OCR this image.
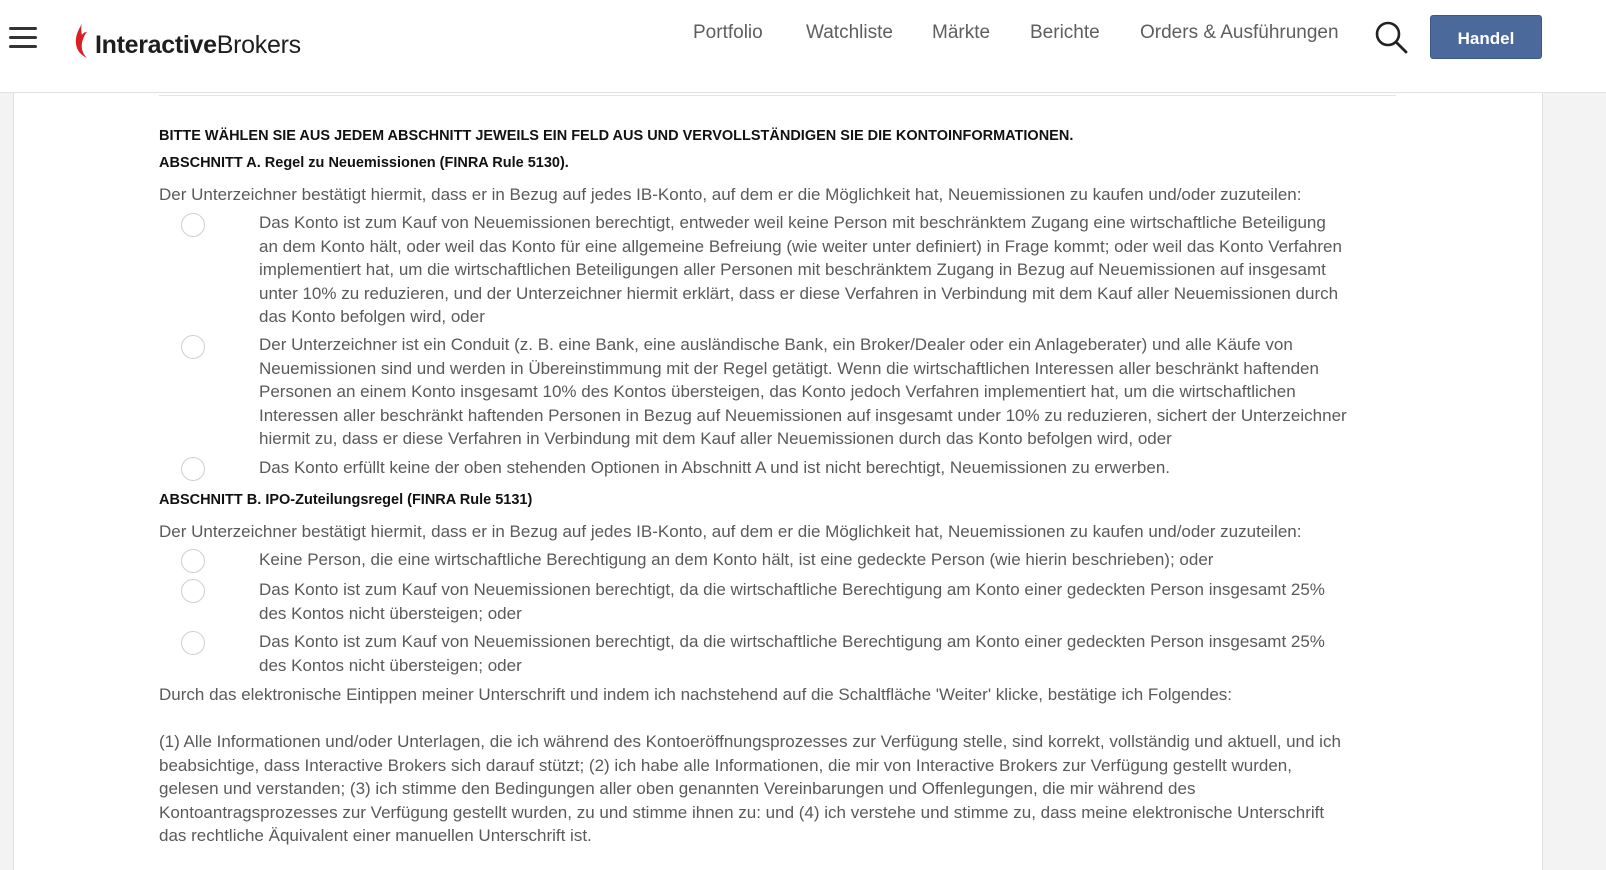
InteractiveBrokers	Portfolio Watchliste Märkte Berichte Orders & Ausführungen	Handel
BITTE WÄHLEN SIE AUS JEDEM ABSCHNITT JEWEILS EIN FELD AUS UND VERVOLLSTÄNDIGEN SIE DIE KONTOINFORMATIONEN.
ABSCHNITT A. Regel zu Neuemissionen (FINRA Rule 5130).
Der Unterzeichner bestätigt hiermit, dass er in Bezug auf jedes IB-Konto, auf dem er die Möglichkeit hat, Neuemissionen zu kaufen und/oder zuzuteilen:
Das Konto ist zum Kauf von Neuemissionen berechtigt, entweder weil keine Person mit beschränktem Zugang eine wirtschaftliche Beteiligung
an dem Konto hält, oder weil das Konto für eine allgemeine Befreiung (wie weiter unter definiert) in Frage kommt; oder weil das Konto Verfahren
implementiert hat, um die wirtschaftlichen Beteiligungen aller Personen mit beschränktem Zugang in Bezug auf Neuemissionen auf insgesamt
unter 10% zu reduzieren, und der Unterzeichner hiermit erklärt, dass er diese Verfahren in Verbindung mit dem Kauf aller Neuemissionen durch
das Konto befolgen wird, oder
Der Unterzeichner ist ein Conduit (z. B. eine Bank, eine ausländische Bank, ein Broker/Dealer oder ein Anlageberater) und alle Käufe von
Neuemissionen sind und werden in Übereinstimmung mit der Regel getätigt. Wenn die wirtschaftlichen Interessen aller beschränkt haftenden
Personen an einem Konto insgesamt 10% des Kontos übersteigen, das Konto jedoch Verfahren implementiert hat, um die wirtschaftlichen
Interessen aller beschränkt haftenden Personen in Bezug auf Neuemissionen auf insgesamt under 10% zu reduzieren, sichert der Unterzeichner
hiermit zu, dass er diese Verfahren in Verbindung mit dem Kauf aller Neuemissionen durch das Konto befolgen wird, oder
Das Konto erfüllt keine der oben stehenden Optionen in Abschnitt A und ist nicht berechtigt, Neuemissionen zu erwerben.
ABSCHNITT B. IPO-Zuteilungsregel (FINRA Rule 5131)
Der Unterzeichner bestätigt hiermit, dass er in Bezug auf jedes IB-Konto, auf dem er die Möglichkeit hat, Neuemissionen zu kaufen und/oder zuzuteilen:
Keine Person, die eine wirtschaftliche Berechtigung an dem Konto hält, ist eine gedeckte Person (wie hierin beschrieben); oder
Das Konto ist zum Kauf von Neuemissionen berechtigt, da die wirtschaftliche Berechtigung am Konto einer gedeckten Person insgesamt 25%
des Kontos nicht übersteigen; oder
Das Konto ist zum Kauf von Neuemissionen berechtigt, da die wirtschaftliche Berechtigung am Konto einer gedeckten Person insgesamt 25%
des Kontos nicht übersteigen; oder
Durch das elektronische Eintippen meiner Unterschrift und indem ich nachstehend auf die Schaltfläche 'Weiter' klicke, bestätige ich Folgendes:
(1) Alle Informationen und/oder Unterlagen, die ich während des Kontoeröffnungsprozesses zur Verfügung stelle, sind korrekt, vollständig und aktuell, und ich
beabsichtige, dass Interactive Brokers sich darauf stützt; (2) ich habe alle Informationen, die mir von Interactive Brokers zur Verfügung gestellt wurden,
gelesen und verstanden; (3) ich stimme den Bedingungen aller oben genannten Vereinbarungen und Offenlegungen, die mir während des
Kontoantragsprozesses zur Verfügung gestellt wurden, zu und stimme ihnen zu: und (4) ich verstehe und stimme zu, dass meine elektronische Unterschrift
das rechtliche Äquivalent einer manuellen Unterschrift ist.
